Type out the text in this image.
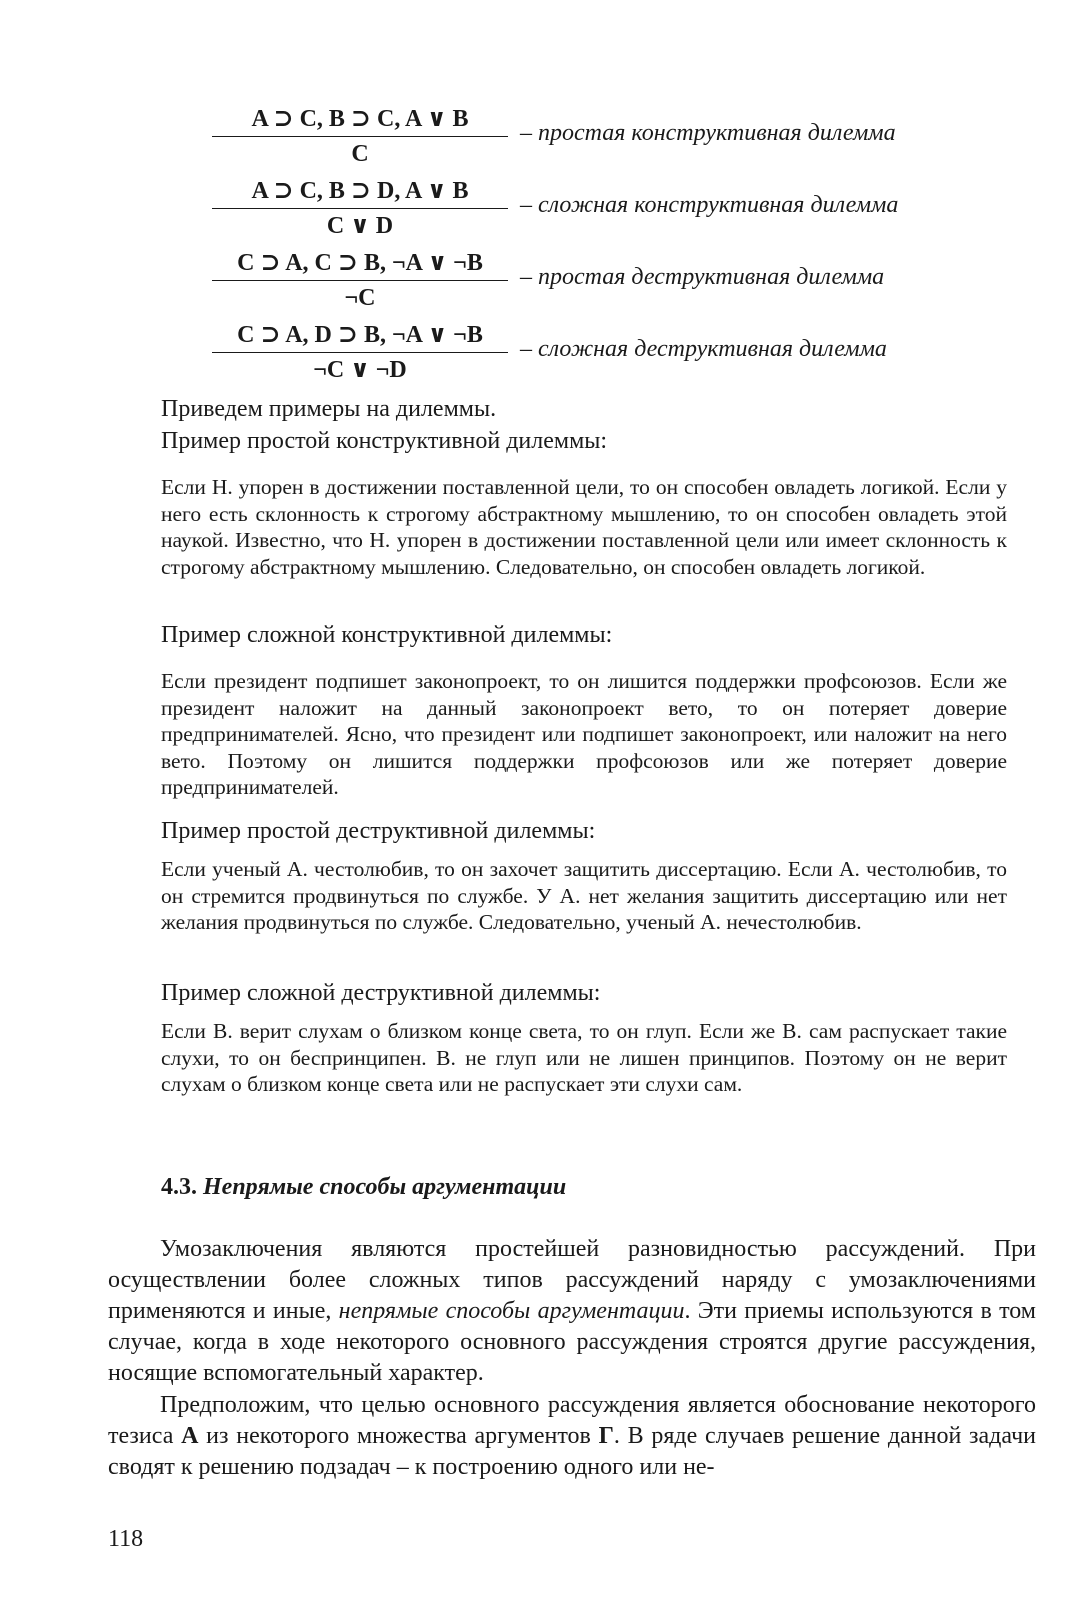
$\frac{A ⊃ C, B ⊃ C, A \vee B}{C}$ – простая конструктивная дилемма
$\frac{A ⊃ C, B ⊃ D, A \vee B}{C \vee D}$ – сложная конструктивная дилемма
$\frac{C ⊃ A, C ⊃ B, \neg A \vee \neg B}{\neg C}$ – простая деструктивная дилемма
$\frac{C ⊃ A, D ⊃ B, \neg A \vee \neg B}{\neg C \vee \neg D}$ – сложная деструктивная дилемма
Приведем примеры на дилеммы.
Пример простой конструктивной дилеммы:

Если Н. упорен в достижении поставленной цели, то он способен овладеть логикой. Если у него есть склонность к строгому абстрактному мышлению, то он способен овладеть этой наукой. Известно, что Н. упорен в достижении поставленной цели или имеет склонность к строгому абстрактному мышлению. Следовательно, он способен овладеть логикой.

Пример сложной конструктивной дилеммы:

Если президент подпишет законопроект, то он лишится поддержки профсоюзов. Если же президент наложит на данный законопроект вето, то он потеряет доверие предпринимателей. Ясно, что президент или подпишет законопроект, или наложит на него вето. Поэтому он лишится поддержки профсоюзов или же потеряет доверие предпринимателей.

Пример простой деструктивной дилеммы:

Если ученый А. честолюбив, то он захочет защитить диссертацию. Если А. честолюбив, то он стремится продвинуться по службе. У А. нет желания защитить диссертацию или нет желания продвинуться по службе. Следовательно, ученый А. нечестолюбив.

Пример сложной деструктивной дилеммы:

Если В. верит слухам о близком конце света, то он глуп. Если же В. сам распускает такие слухи, то он беспринципен. В. не глуп или не лишен принципов. Поэтому он не верит слухам о близком конце света или не распускает эти слухи сам.

4.3. Непрямые способы аргументации

Умозаключения являются простейшей разновидностью рассуждений. При осуществлении более сложных типов рассуждений наряду с умозаключениями применяются и иные, непрямые способы аргументации. Эти приемы используются в том случае, когда в ходе некоторого основного рассуждения строятся другие рассуждения, носящие вспомогательный характер.

Предположим, что целью основного рассуждения является обоснование некоторого тезиса А из некоторого множества аргументов Г. В ряде случаев решение данной задачи сводят к решению подзадач – к построению одного или не-

118
